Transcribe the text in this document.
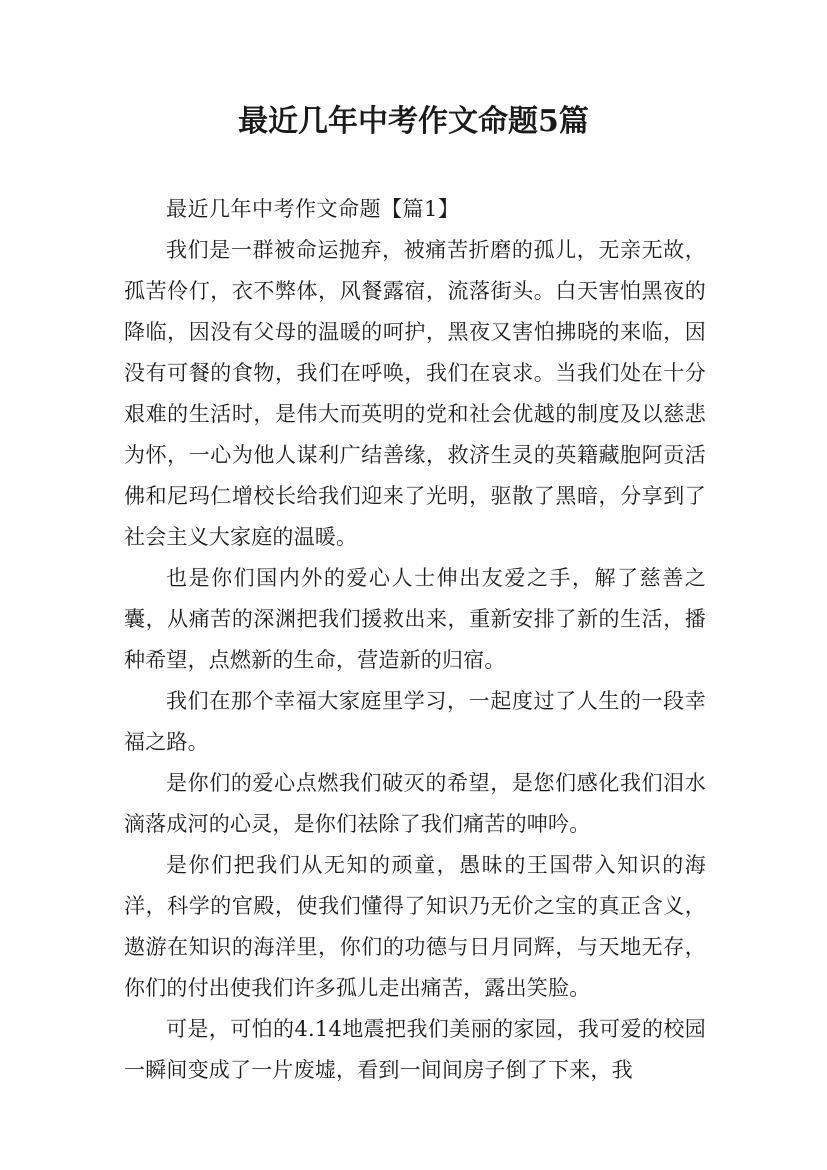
最近几年中考作文命题5篇

最近几年中考作文命题【篇1】

我们是一群被命运抛弃，被痛苦折磨的孤儿，无亲无故，孤苦伶仃，衣不弊体，风餐露宿，流落街头。白天害怕黑夜的降临，因没有父母的温暖的呵护，黑夜又害怕拂晓的来临，因没有可餐的食物，我们在呼唤，我们在哀求。当我们处在十分艰难的生活时，是伟大而英明的党和社会优越的制度及以慈悲为怀，一心为他人谋利广结善缘，救济生灵的英籍藏胞阿贡活佛和尼玛仁增校长给我们迎来了光明，驱散了黑暗，分享到了社会主义大家庭的温暖。

也是你们国内外的爱心人士伸出友爱之手，解了慈善之囊，从痛苦的深渊把我们援救出来，重新安排了新的生活，播种希望，点燃新的生命，营造新的归宿。

我们在那个幸福大家庭里学习，一起度过了人生的一段幸福之路。

是你们的爱心点燃我们破灭的希望，是您们感化我们泪水滴落成河的心灵，是你们祛除了我们痛苦的呻吟。

是你们把我们从无知的顽童，愚昧的王国带入知识的海洋，科学的官殿，使我们懂得了知识乃无价之宝的真正含义，遨游在知识的海洋里，你们的功德与日月同辉，与天地无存，你们的付出使我们许多孤儿走出痛苦，露出笑脸。

可是，可怕的4.14地震把我们美丽的家园，我可爱的校园一瞬间变成了一片废墟，看到一间间房子倒了下来，我
